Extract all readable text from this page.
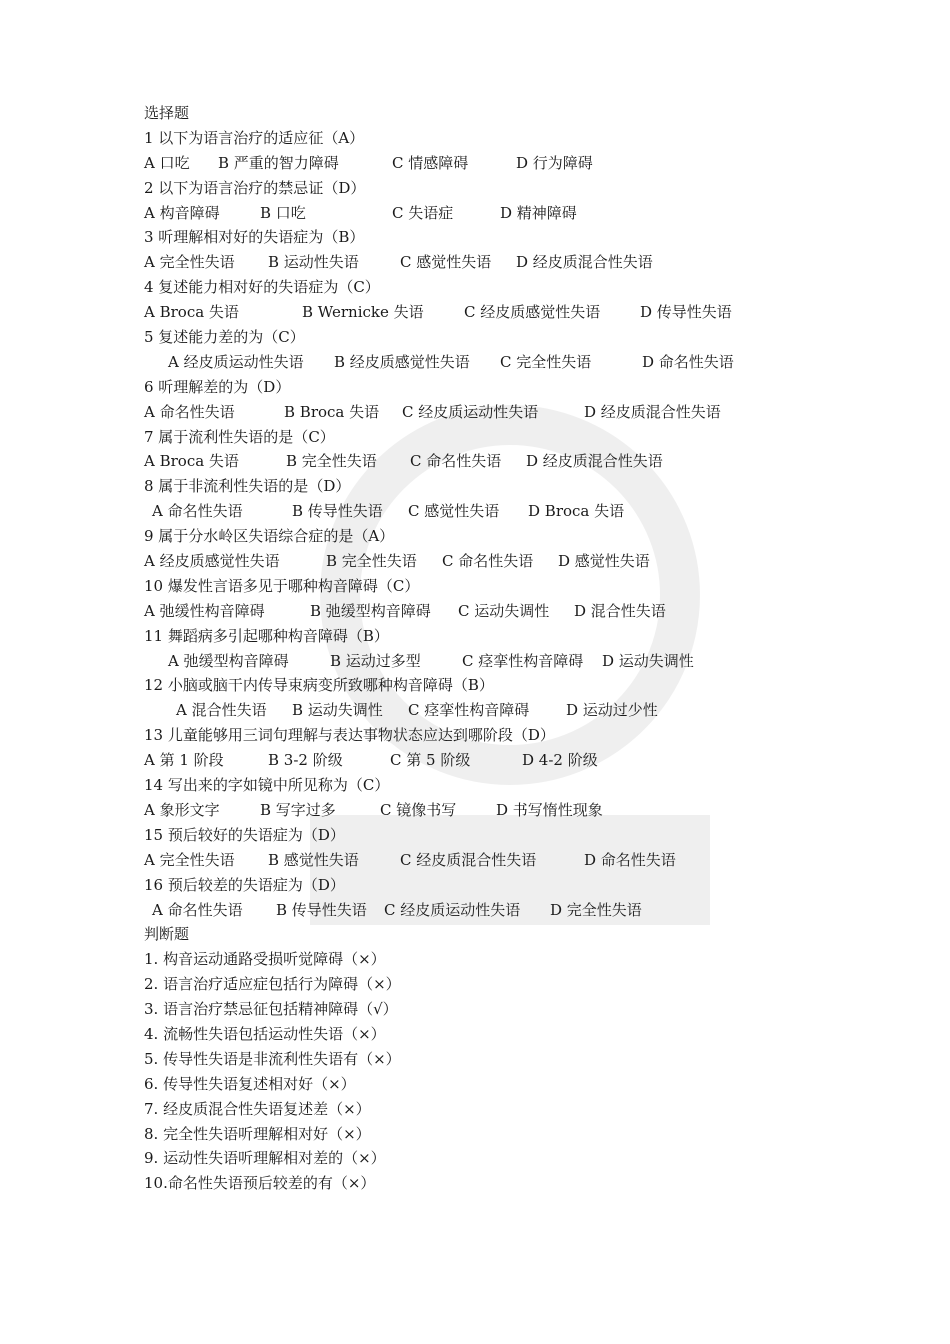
选择题
1 以下为语言治疗的适应征（A）
A 口吃 B 严重的智力障碍	C 情感障碍	D 行为障碍
2 以下为语言治疗的禁忌证（D）
A 构音障碍	B 口吃	C 失语症	D 精神障碍
3 听理解相对好的失语症为（B）
A 完全性失语 B 运动性失语	C 感觉性失语 D 经皮质混合性失语
4 复述能力相对好的失语症为（C）
A Broca 失语	B Wernicke 失语	C 经皮质感觉性失语	D 传导性失语
5 复述能力差的为（C）
A 经皮质运动性失语 B 经皮质感觉性失语 C 完全性失语	D 命名性失语
6 听理解差的为（D）
A 命名性失语	B Broca 失语 C 经皮质运动性失语	D 经皮质混合性失语
7 属于流利性失语的是（C）
A Broca 失语	B 完全性失语 C 命名性失语 D 经皮质混合性失语
8 属于非流利性失语的是（D）
A 命名性失语	B 传导性失语 C 感觉性失语 D Broca 失语
9 属于分水岭区失语综合症的是（A）
A 经皮质感觉性失语	B 完全性失语 C 命名性失语 D 感觉性失语
10 爆发性言语多见于哪种构音障碍（C）
A 弛缓性构音障碍	B 弛缓型构音障碍 C 运动失调性 D 混合性失语
11 舞蹈病多引起哪种构音障碍（B）
A 弛缓型构音障碍	B 运动过多型	C 痉挛性构音障碍 D 运动失调性
12 小脑或脑干内传导束病变所致哪种构音障碍（B）
A 混合性失语 B 运动失调性 C 痉挛性构音障碍 D 运动过少性
13 儿童能够用三词句理解与表达事物状态应达到哪阶段（D）
A 第 1 阶段	B 3-2 阶级	C 第 5 阶级	D 4-2 阶级
14 写出来的字如镜中所见称为（C）
A 象形文字	B 写字过多	C 镜像书写	D 书写惰性现象
15 预后较好的失语症为（D）
A 完全性失语 B 感觉性失语	C 经皮质混合性失语	D 命名性失语
16 预后较差的失语症为（D）
A 命名性失语 B 传导性失语 C 经皮质运动性失语 D 完全性失语
判断题
1. 构音运动通路受损听觉障碍（×）
2. 语言治疗适应症包括行为障碍（×）
3. 语言治疗禁忌征包括精神障碍（√）
4. 流畅性失语包括运动性失语（×）
5. 传导性失语是非流利性失语有（×）
6. 传导性失语复述相对好（×）
7. 经皮质混合性失语复述差（×）
8. 完全性失语听理解相对好（×）
9. 运动性失语听理解相对差的（×）
10.命名性失语预后较差的有（×）
